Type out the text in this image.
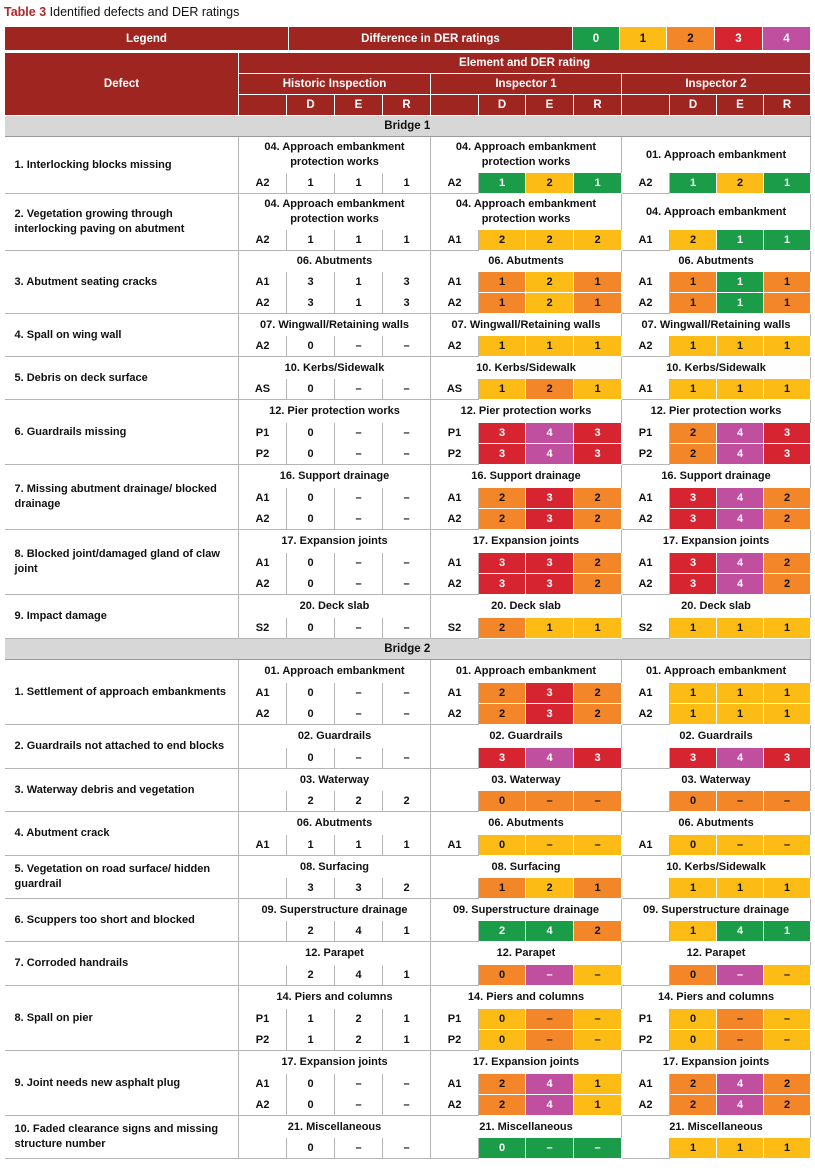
Table 3 Identified defects and DER ratings
Legend	Difference in DER ratings	0	1	2	3	4
Defect	Element and DER rating											
	Historic Inspection				Inspector 1				Inspector 2			
		D	E	R		D	E	R		D	E	R
Bridge 1												
1. Interlocking blocks missing	04. Approach embankment protection works				04. Approach embankment protection works				01. Approach embankment			
	A2	1	1	1	A2	1	2	1	A2	1	2	1
2. Vegetation growing through interlocking paving on abutment	04. Approach embankment protection works				04. Approach embankment protection works				04. Approach embankment			
	A2	1	1	1	A1	2	2	2	A1	2	1	1
3. Abutment seating cracks	06. Abutments				06. Abutments				06. Abutments			
	A1	3	1	3	A1	1	2	1	A1	1	1	1
	A2	3	1	3	A2	1	2	1	A2	1	1	1
4. Spall on wing wall	07. Wingwall/Retaining walls				07. Wingwall/Retaining walls				07. Wingwall/Retaining walls			
	A2	0	–	–	A2	1	1	1	A2	1	1	1
5. Debris on deck surface	10. Kerbs/Sidewalk				10. Kerbs/Sidewalk				10. Kerbs/Sidewalk			
	AS	0	–	–	AS	1	2	1	A1	1	1	1
6. Guardrails missing	12. Pier protection works				12. Pier protection works				12. Pier protection works			
	P1	0	–	–	P1	3	4	3	P1	2	4	3
	P2	0	–	–	P2	3	4	3	P2	2	4	3
7. Missing abutment drainage/ blocked drainage	16. Support drainage				16. Support drainage				16. Support drainage			
	A1	0	–	–	A1	2	3	2	A1	3	4	2
	A2	0	–	–	A2	2	3	2	A2	3	4	2
8. Blocked joint/damaged gland of claw joint	17. Expansion joints				17. Expansion joints				17. Expansion joints			
	A1	0	–	–	A1	3	3	2	A1	3	4	2
	A2	0	–	–	A2	3	3	2	A2	3	4	2
9. Impact damage	20. Deck slab				20. Deck slab				20. Deck slab			
	S2	0	–	–	S2	2	1	1	S2	1	1	1
Bridge 2												
1. Settlement of approach embankments	01. Approach embankment				01. Approach embankment				01. Approach embankment			
	A1	0	–	–	A1	2	3	2	A1	1	1	1
	A2	0	–	–	A2	2	3	2	A2	1	1	1
2. Guardrails not attached to end blocks	02. Guardrails				02. Guardrails				02. Guardrails			
		0	–	–		3	4	3		3	4	3
3. Waterway debris and vegetation	03. Waterway				03. Waterway				03. Waterway			
		2	2	2		0	–	–		0	–	–
4. Abutment crack	06. Abutments				06. Abutments				06. Abutments			
	A1	1	1	1	A1	0	–	–	A1	0	–	–
5. Vegetation on road surface/ hidden guardrail	08. Surfacing				08. Surfacing				10. Kerbs/Sidewalk			
		3	3	2		1	2	1		1	1	1
6. Scuppers too short and blocked	09. Superstructure drainage				09. Superstructure drainage				09. Superstructure drainage			
		2	4	1		2	4	2		1	4	1
7. Corroded handrails	12. Parapet				12. Parapet				12. Parapet			
		2	4	1		0	–	–		0	–	–
8. Spall on pier	14. Piers and columns				14. Piers and columns				14. Piers and columns			
	P1	1	2	1	P1	0	–	–	P1	0	–	–
	P2	1	2	1	P2	0	–	–	P2	0	–	–
9. Joint needs new asphalt plug	17. Expansion joints				17. Expansion joints				17. Expansion joints			
	A1	0	–	–	A1	2	4	1	A1	2	4	2
	A2	0	–	–	A2	2	4	1	A2	2	4	2
10. Faded clearance signs and missing structure number	21. Miscellaneous				21. Miscellaneous				21. Miscellaneous			
		0	–	–		0	–	–		1	1	1
